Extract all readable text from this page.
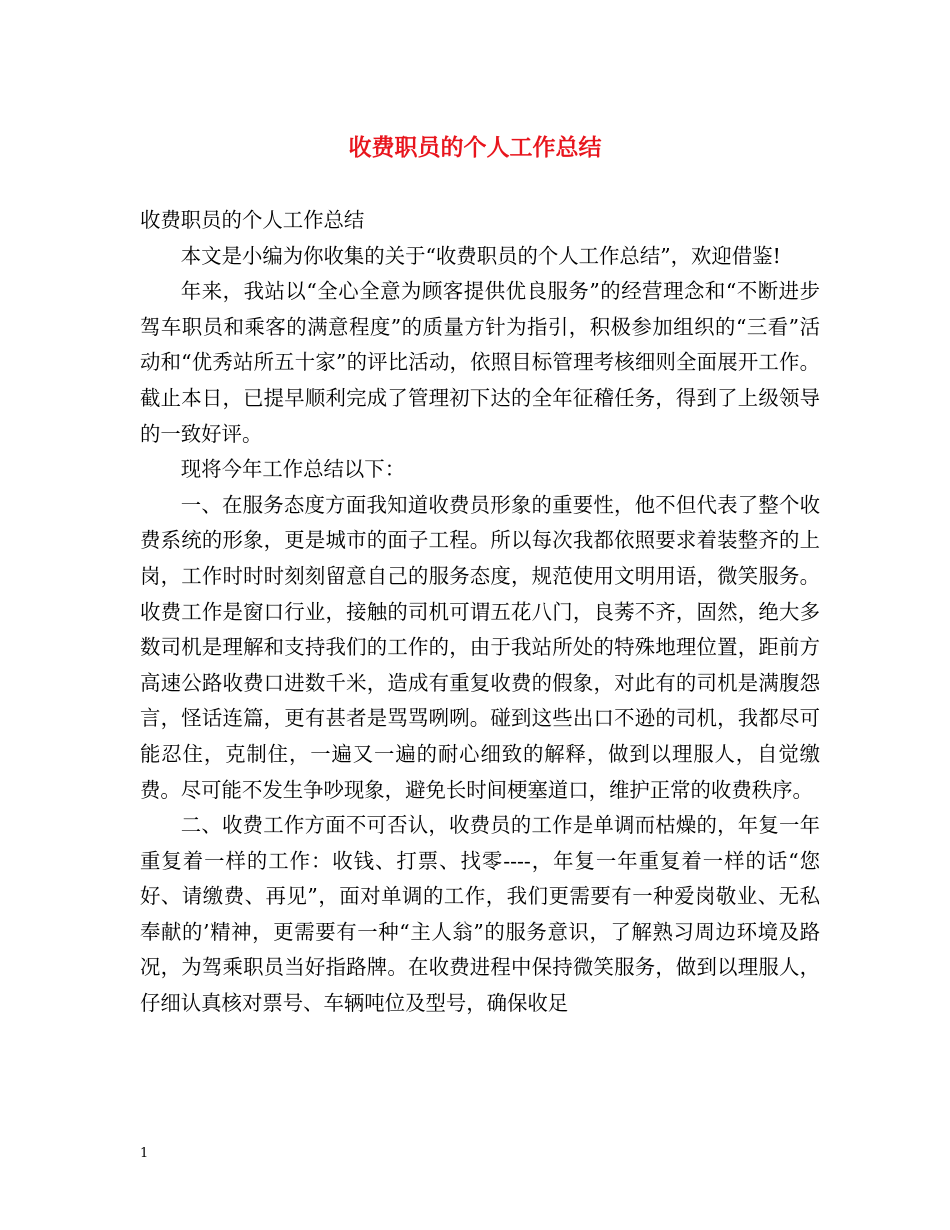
收费职员的个人工作总结

收费职员的个人工作总结

本文是小编为你收集的关于“收费职员的个人工作总结”，欢迎借鉴!

年来，我站以“全心全意为顾客提供优良服务”的经营理念和“不断进步驾车职员和乘客的满意程度”的质量方针为指引，积极参加组织的“三看”活动和“优秀站所五十家”的评比活动，依照目标管理考核细则全面展开工作。截止本日，已提早顺利完成了管理初下达的全年征稽任务，得到了上级领导的一致好评。

现将今年工作总结以下：

一、在服务态度方面我知道收费员形象的重要性，他不但代表了整个收费系统的形象，更是城市的面子工程。所以每次我都依照要求着装整齐的上岗，工作时时时刻刻留意自己的服务态度，规范使用文明用语，微笑服务。收费工作是窗口行业，接触的司机可谓五花八门，良莠不齐，固然，绝大多数司机是理解和支持我们的工作的，由于我站所处的特殊地理位置，距前方高速公路收费口进数千米，造成有重复收费的假象，对此有的司机是满腹怨言，怪话连篇，更有甚者是骂骂咧咧。碰到这些出口不逊的司机，我都尽可能忍住，克制住，一遍又一遍的耐心细致的解释，做到以理服人，自觉缴费。尽可能不发生争吵现象，避免长时间梗塞道口，维护正常的收费秩序。

二、收费工作方面不可否认，收费员的工作是单调而枯燥的，年复一年重复着一样的工作：收钱、打票、找零----，年复一年重复着一样的话“您好、请缴费、再见”，面对单调的工作，我们更需要有一种爱岗敬业、无私奉献的’精神，更需要有一种“主人翁”的服务意识，了解熟习周边环境及路况，为驾乘职员当好指路牌。在收费进程中保持微笑服务，做到以理服人，仔细认真核对票号、车辆吨位及型号，确保收足

1
